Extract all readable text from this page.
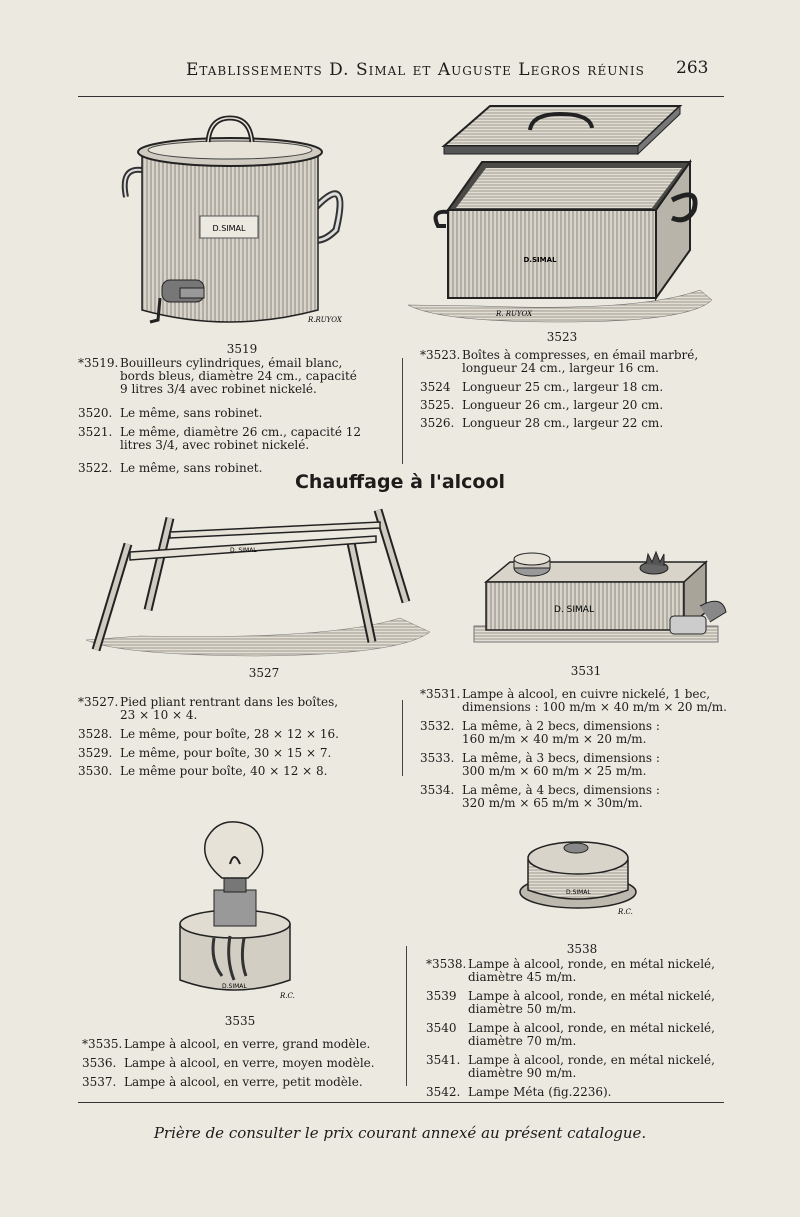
Etablissements D. Simal et Auguste Legros réunis 263
D.SIMAL
R.RUYOX
3519
D.SIMAL
R. RUYOX
3523
*3519. Bouilleurs cylindriques, émail blanc,
bords bleus, diamètre 24 cm., capacité
9 litres 3/4 avec robinet nickelé.
3520. Le même, sans robinet.
3521. Le même, diamètre 26 cm., capacité 12
litres 3/4, avec robinet nickelé.
3522. Le même, sans robinet.
*3523. Boîtes à compresses, en émail marbré,
longueur 24 cm., largeur 16 cm.
3524 Longueur 25 cm., largeur 18 cm.
3525. Longueur 26 cm., largeur 20 cm.
3526. Longueur 28 cm., largeur 22 cm.
Chauffage à l'alcool
D. SIMAL
3527
D. SIMAL
3531
*3527. Pied pliant rentrant dans les boîtes,
23 × 10 × 4.
3528. Le même, pour boîte, 28 × 12 × 16.
3529. Le même, pour boîte, 30 × 15 × 7.
3530. Le même pour boîte, 40 × 12 × 8.
*3531. Lampe à alcool, en cuivre nickelé, 1 bec,
dimensions : 100 m/m × 40 m/m × 20 m/m.
3532. La même, à 2 becs, dimensions :
160 m/m × 40 m/m × 20 m/m.
3533. La même, à 3 becs, dimensions :
300 m/m × 60 m/m × 25 m/m.
3534. La même, à 4 becs, dimensions :
320 m/m × 65 m/m × 30m/m.
D.SIMAL
R.C.
3535
D.SIMAL
R.C.
3538
*3535. Lampe à alcool, en verre, grand modèle.
3536. Lampe à alcool, en verre, moyen modèle.
3537. Lampe à alcool, en verre, petit modèle.
*3538. Lampe à alcool, ronde, en métal nickelé,
diamètre 45 m/m.
3539 Lampe à alcool, ronde, en métal nickelé,
diamètre 50 m/m.
3540 Lampe à alcool, ronde, en métal nickelé,
diamètre 70 m/m.
3541. Lampe à alcool, ronde, en métal nickelé,
diamètre 90 m/m.
3542. Lampe Méta (fig.2236).
Prière de consulter le prix courant annexé au présent catalogue.
